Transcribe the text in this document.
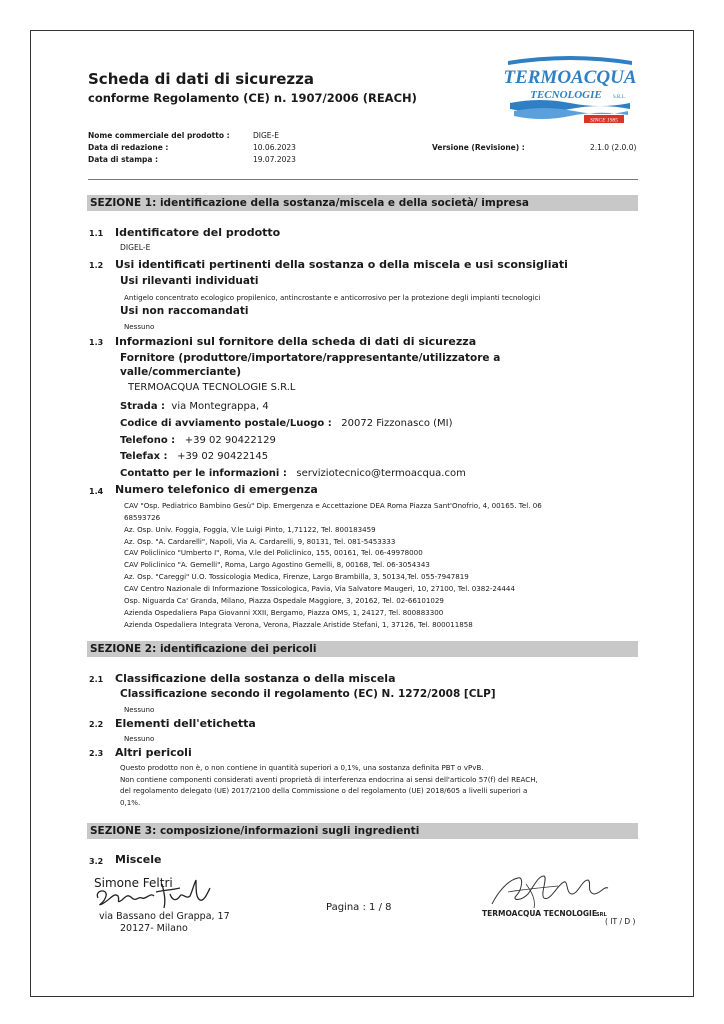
Scheda di dati di sicurezza
conforme Regolamento (CE) n. 1907/2006 (REACH)
TERMOACQUA
TECNOLOGIE S.R.L.
SINCE 1985
Nome commerciale del prodotto :	DIGE-E
Data di redazione :	10.06.2023	Versione (Revisione) :	2.1.0 (2.0.0)
Data di stampa :	19.07.2023
SEZIONE 1: identificazione della sostanza/miscela e della società/ impresa
1.1 Identificatore del prodotto
DIGEL-E
1.2 Usi identificati pertinenti della sostanza o della miscela e usi sconsigliati
Usi rilevanti individuati
Antigelo concentrato ecologico propilenico, antincrostante e anticorrosivo per la protezione degli impianti tecnologici
Usi non raccomandati
Nessuno
1.3 Informazioni sul fornitore della scheda di dati di sicurezza
Fornitore (produttore/importatore/rappresentante/utilizzatore a
valle/commerciante)
TERMOACQUA TECNOLOGIE S.R.L
Strada : via Montegrappa, 4
Codice di avviamento postale/Luogo : 20072 Fizzonasco (MI)
Telefono : +39 02 90422129
Telefax : +39 02 90422145
Contatto per le informazioni : serviziotecnico@termoacqua.com
1.4 Numero telefonico di emergenza
CAV "Osp. Pediatrico Bambino Gesù" Dip. Emergenza e Accettazione DEA Roma Piazza Sant'Onofrio, 4, 00165. Tel. 06
68593726
Az. Osp. Univ. Foggia, Foggia, V.le Luigi Pinto, 1,71122, Tel. 800183459
Az. Osp. "A. Cardarelli", Napoli, Via A. Cardarelli, 9, 80131, Tel. 081-5453333
CAV Policlinico "Umberto I", Roma, V.le del Policlinico, 155, 00161, Tel. 06-49978000
CAV Policlinico "A. Gemelli", Roma, Largo Agostino Gemelli, 8, 00168, Tel. 06-3054343
Az. Osp. "Careggi" U.O. Tossicologia Medica, Firenze, Largo Brambilla, 3, 50134,Tel. 055-7947819
CAV Centro Nazionale di Informazione Tossicologica, Pavia, Via Salvatore Maugeri, 10, 27100, Tel. 0382-24444
Osp. Niguarda Ca' Granda, Milano, Piazza Ospedale Maggiore, 3, 20162, Tel. 02-66101029
Azienda Ospedaliera Papa Giovanni XXII, Bergamo, Piazza OMS, 1, 24127, Tel. 800883300
Azienda Ospedaliera Integrata Verona, Verona, Piazzale Aristide Stefani, 1, 37126, Tel. 800011858
SEZIONE 2: identificazione dei pericoli
2.1 Classificazione della sostanza o della miscela
Classificazione secondo il regolamento (EC) N. 1272/2008 [CLP]
Nessuno
2.2 Elementi dell'etichetta
Nessuno
2.3 Altri pericoli
Questo prodotto non è, o non contiene in quantità superiori a 0,1%, una sostanza definita PBT o vPvB.
Non contiene componenti considerati aventi proprietà di interferenza endocrina ai sensi dell'articolo 57(f) del REACH,
del regolamento delegato (UE) 2017/2100 della Commissione o del regolamento (UE) 2018/605 a livelli superiori a
0,1%.
SEZIONE 3: composizione/informazioni sugli ingredienti
3.2 Miscele
Simone Feltri
via Bassano del Grappa, 17
20127- Milano
Pagina : 1 / 8
TERMOACQUA TECNOLOGIE SRL
( IT / D )
